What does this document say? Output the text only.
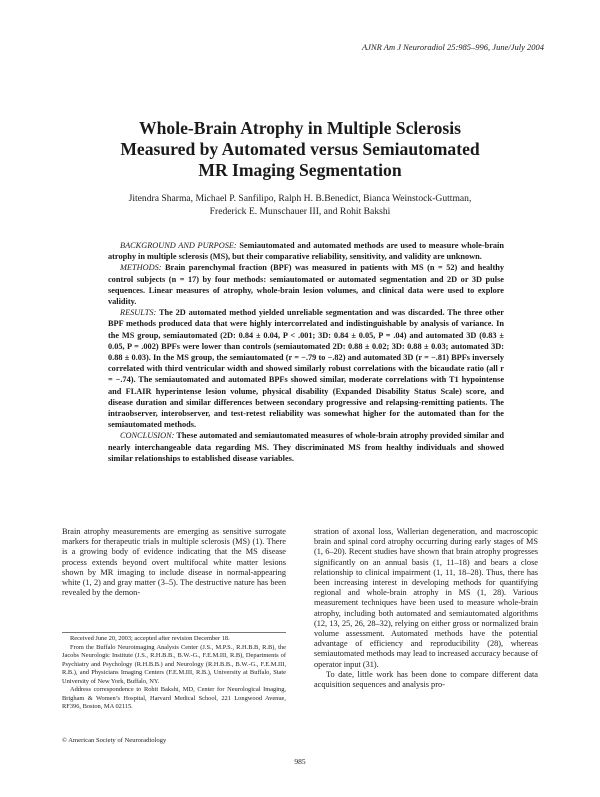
AJNR Am J Neuroradiol 25:985–996, June/July 2004
Whole-Brain Atrophy in Multiple Sclerosis
Measured by Automated versus Semiautomated
MR Imaging Segmentation
Jitendra Sharma, Michael P. Sanfilipo, Ralph H. B.Benedict, Bianca Weinstock-Guttman,
Frederick E. Munschauer III, and Rohit Bakshi

BACKGROUND AND PURPOSE: Semiautomated and automated methods are used to measure whole-brain atrophy in multiple sclerosis (MS), but their comparative reliability, sensitivity, and validity are unknown.

METHODS: Brain parenchymal fraction (BPF) was measured in patients with MS (n = 52) and healthy control subjects (n = 17) by four methods: semiautomated or automated segmentation and 2D or 3D pulse sequences. Linear measures of atrophy, whole-brain lesion volumes, and clinical data were used to explore validity.

RESULTS: The 2D automated method yielded unreliable segmentation and was discarded. The three other BPF methods produced data that were highly intercorrelated and indistinguishable by analysis of variance. In the MS group, semiautomated (2D: 0.84 ± 0.04, P < .001; 3D: 0.84 ± 0.05, P = .04) and automated 3D (0.83 ± 0.05, P = .002) BPFs were lower than controls (semiautomated 2D: 0.88 ± 0.02; 3D: 0.88 ± 0.03; automated 3D: 0.88 ± 0.03). In the MS group, the semiautomated (r = −.79 to −.82) and automated 3D (r = −.81) BPFs inversely correlated with third ventricular width and showed similarly robust correlations with the bicaudate ratio (all r = −.74). The semiautomated and automated BPFs showed similar, moderate correlations with T1 hypointense and FLAIR hyperintense lesion volume, physical disability (Expanded Disability Status Scale) score, and disease duration and similar differences between secondary progressive and relapsing-remitting patients. The intraobserver, interobserver, and test-retest reliability was somewhat higher for the automated than for the semiautomated methods.

CONCLUSION: These automated and semiautomated measures of whole-brain atrophy provided similar and nearly interchangeable data regarding MS. They discriminated MS from healthy individuals and showed similar relationships to established disease variables.

Brain atrophy measurements are emerging as sensitive surrogate markers for therapeutic trials in multiple sclerosis (MS) (1). There is a growing body of evidence indicating that the MS disease process extends beyond overt multifocal white matter lesions shown by MR imaging to include disease in normal-appearing white (1, 2) and gray matter (3–5). The destructive nature has been revealed by the demon-

Received June 20, 2003; accepted after revision December 18.

From the Buffalo Neuroimaging Analysis Center (J.S., M.P.S., R.H.B.B, R.B), the Jacobs Neurologic Institute (J.S., R.H.B.B., B.W.-G., F.E.M.III, R.B), Departments of Psychiatry and Psychology (R.H.B.B.) and Neurology (R.H.B.B., B.W.-G., F.E.M.III, R.B.), and Physicians Imaging Centers (F.E.M.III, R.B.), University at Buffalo, State University of New York, Buffalo, NY.

Address correspondence to Rohit Bakshi, MD, Center for Neurological Imaging, Brigham & Women’s Hospital, Harvard Medical School, 221 Longwood Avenue, RF396, Boston, MA 02115.

© American Society of Neuroradiology

stration of axonal loss, Wallerian degeneration, and macroscopic brain and spinal cord atrophy occurring during early stages of MS (1, 6–20). Recent studies have shown that brain atrophy progresses significantly on an annual basis (1, 11–18) and bears a close relationship to clinical impairment (1, 11, 18–28). Thus, there has been increasing interest in developing methods for quantifying regional and whole-brain atrophy in MS (1, 28). Various measurement techniques have been used to measure whole-brain atrophy, including both automated and semiautomated algorithms (12, 13, 25, 26, 28–32), relying on either gross or normalized brain volume assessment. Automated methods have the potential advantage of efficiency and reproducibility (28), whereas semiautomated methods may lead to increased accuracy because of operator input (31).

To date, little work has been done to compare different data acquisition sequences and analysis pro-

985
